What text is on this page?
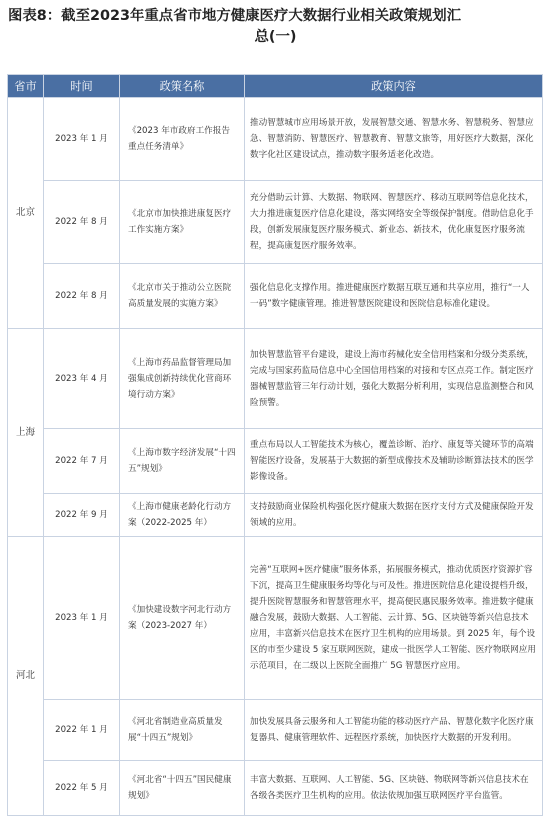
图表8：截至2023年重点省市地方健康医疗大数据行业相关政策规划汇
总(一)
省市	时间	政策名称	政策内容
北京	2023 年 1 月	《2023 年市政府工作报告重点任务清单》	推动智慧城市应用场景开放，发展智慧交通、智慧水务、智慧税务、智慧应急、智慧消防、智慧医疗、智慧教育、智慧文旅等，用好医疗大数据，深化数字化社区建设试点，推动数字服务适老化改造。
	2022 年 8 月	《北京市加快推进康复医疗工作实施方案》	充分借助云计算、大数据、物联网、智慧医疗、移动互联网等信息化技术，大力推进康复医疗信息化建设，落实网络安全等级保护制度。借助信息化手段，创新发展康复医疗服务模式、新业态、新技术，优化康复医疗服务流程，提高康复医疗服务效率。
	2022 年 8 月	《北京市关于推动公立医院高质量发展的实施方案》	强化信息化支撑作用。推进健康医疗数据互联互通和共享应用，推行“一人一码”数字健康管理。推进智慧医院建设和医院信息标准化建设。
上海	2023 年 4 月	《上海市药品监督管理局加强集成创新持续优化营商环境行动方案》	加快智慧监管平台建设，建设上海市药械化安全信用档案和分级分类系统，完成与国家药监局信息中心全国信用档案的对接和专区点亮工作。制定医疗器械智慧监管三年行动计划，强化大数据分析利用，实现信息监测整合和风险预警。
	2022 年 7 月	《上海市数字经济发展“十四五”规划》	重点布局以人工智能技术为核心，覆盖诊断、治疗、康复等关键环节的高端智能医疗设备，发展基于大数据的新型成像技术及辅助诊断算法技术的医学影像设备。
	2022 年 9 月	《上海市健康老龄化行动方案（2022-2025 年）	支持鼓励商业保险机构强化医疗健康大数据在医疗支付方式及健康保险开发领域的应用。
河北	2023 年 1 月	《加快建设数字河北行动方案（2023-2027 年）	完善“互联网+医疗健康”服务体系，拓展服务模式，推动优质医疗资源扩容下沉，提高卫生健康服务均等化与可及性。推进医院信息化建设提档升级，提升医院智慧服务和智慧管理水平，提高便民惠民服务效率。推进数字健康融合发展，鼓励大数据、人工智能、云计算、5G、区块链等新兴信息技术应用，丰富新兴信息技术在医疗卫生机构的应用场景。到 2025 年，每个设区的市至少建设 5 家互联网医院，建成一批医学人工智能、医疗物联网应用示范项目，在二级以上医院全面推广 5G 智慧医疗应用。
	2022 年 1 月	《河北省制造业高质量发展“十四五”规划》	加快发展具备云服务和人工智能功能的移动医疗产品、智慧化数字化医疗康复器具、健康管理软件、远程医疗系统，加快医疗大数据的开发利用。
	2022 年 5 月	《河北省“十四五”国民健康规划》	丰富大数据、互联网、人工智能、5G、区块链、物联网等新兴信息技术在各级各类医疗卫生机构的应用。依法依规加强互联网医疗平台监管。
